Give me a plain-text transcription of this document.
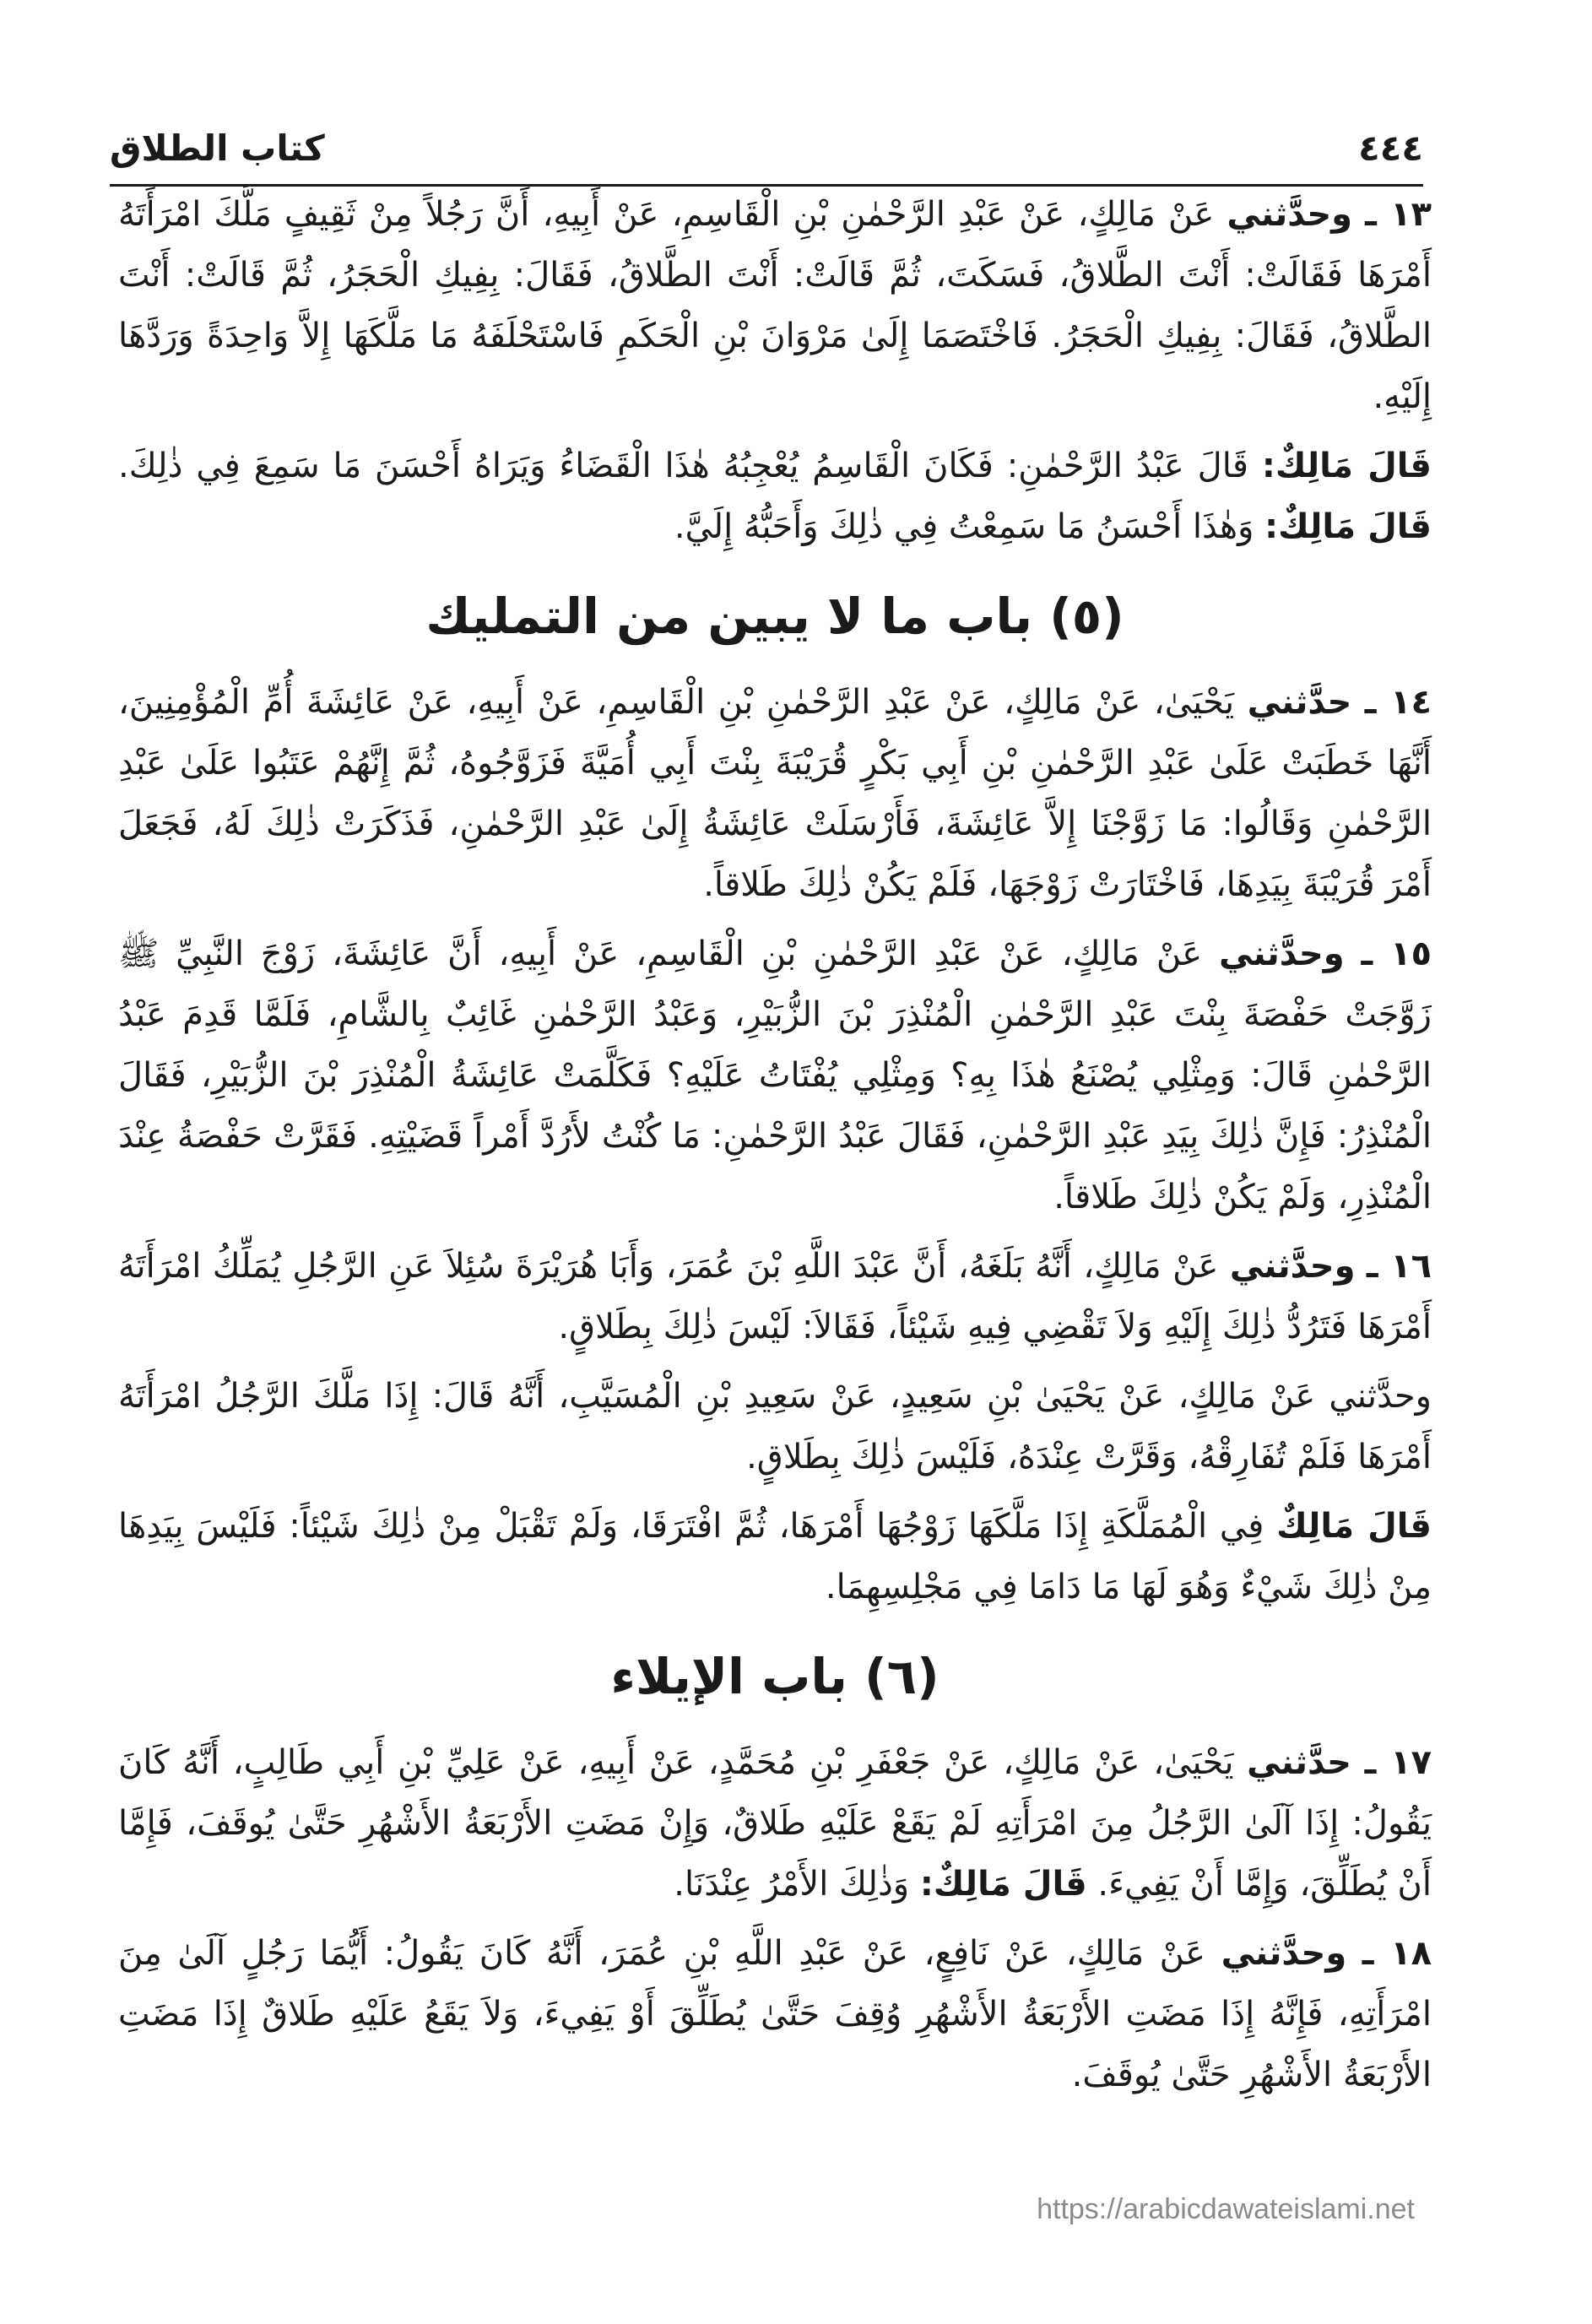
كتاب الطلاق	٤٤٤

١٣ ـ وحدَّثني عَنْ مَالِكٍ، عَنْ عَبْدِ الرَّحْمٰنِ بْنِ الْقَاسِمِ، عَنْ أَبِيهِ، أَنَّ رَجُلاً مِنْ ثَقِيفٍ مَلَّكَ امْرَأَتَهُ أَمْرَهَا فَقَالَتْ: أَنْتَ الطَّلاقُ، فَسَكَتَ، ثُمَّ قَالَتْ: أَنْتَ الطَّلاقُ، فَقَالَ: بِفِيكِ الْحَجَرُ، ثُمَّ قَالَتْ: أَنْتَ الطَّلاقُ، فَقَالَ: بِفِيكِ الْحَجَرُ. فَاخْتَصَمَا إِلَىٰ مَرْوَانَ بْنِ الْحَكَمِ فَاسْتَحْلَفَهُ مَا مَلَّكَهَا إِلاَّ وَاحِدَةً وَرَدَّهَا إِلَيْهِ.

قَالَ مَالِكٌ: قَالَ عَبْدُ الرَّحْمٰنِ: فَكَانَ الْقَاسِمُ يُعْجِبُهُ هٰذَا الْقَضَاءُ وَيَرَاهُ أَحْسَنَ مَا سَمِعَ فِي ذٰلِكَ. قَالَ مَالِكٌ: وَهٰذَا أَحْسَنُ مَا سَمِعْتُ فِي ذٰلِكَ وَأَحَبُّهُ إِلَيَّ.

(٥) باب ما لا يبين من التمليك

١٤ ـ حدَّثني يَحْيَىٰ، عَنْ مَالِكٍ، عَنْ عَبْدِ الرَّحْمٰنِ بْنِ الْقَاسِمِ، عَنْ أَبِيهِ، عَنْ عَائِشَةَ أُمِّ الْمُؤْمِنِينَ، أَنَّهَا خَطَبَتْ عَلَىٰ عَبْدِ الرَّحْمٰنِ بْنِ أَبِي بَكْرٍ قُرَيْبَةَ بِنْتَ أَبِي أُمَيَّةَ فَزَوَّجُوهُ، ثُمَّ إِنَّهُمْ عَتَبُوا عَلَىٰ عَبْدِ الرَّحْمٰنِ وَقَالُوا: مَا زَوَّجْنَا إِلاَّ عَائِشَةَ، فَأَرْسَلَتْ عَائِشَةُ إِلَىٰ عَبْدِ الرَّحْمٰنِ، فَذَكَرَتْ ذٰلِكَ لَهُ، فَجَعَلَ أَمْرَ قُرَيْبَةَ بِيَدِهَا، فَاخْتَارَتْ زَوْجَهَا، فَلَمْ يَكُنْ ذٰلِكَ طَلاقاً.

١٥ ـ وحدَّثني عَنْ مَالِكٍ، عَنْ عَبْدِ الرَّحْمٰنِ بْنِ الْقَاسِمِ، عَنْ أَبِيهِ، أَنَّ عَائِشَةَ، زَوْجَ النَّبِيِّ ﷺ زَوَّجَتْ حَفْصَةَ بِنْتَ عَبْدِ الرَّحْمٰنِ الْمُنْذِرَ بْنَ الزُّبَيْرِ، وَعَبْدُ الرَّحْمٰنِ غَائِبٌ بِالشَّامِ، فَلَمَّا قَدِمَ عَبْدُ الرَّحْمٰنِ قَالَ: وَمِثْلِي يُصْنَعُ هٰذَا بِهِ؟ وَمِثْلِي يُفْتَاتُ عَلَيْهِ؟ فَكَلَّمَتْ عَائِشَةُ الْمُنْذِرَ بْنَ الزُّبَيْرِ، فَقَالَ الْمُنْذِرُ: فَإِنَّ ذٰلِكَ بِيَدِ عَبْدِ الرَّحْمٰنِ، فَقَالَ عَبْدُ الرَّحْمٰنِ: مَا كُنْتُ لأَرُدَّ أَمْراً قَضَيْتِهِ. فَقَرَّتْ حَفْصَةُ عِنْدَ الْمُنْذِرِ، وَلَمْ يَكُنْ ذٰلِكَ طَلاقاً.

١٦ ـ وحدَّثني عَنْ مَالِكٍ، أَنَّهُ بَلَغَهُ، أَنَّ عَبْدَ اللَّهِ بْنَ عُمَرَ، وَأَبَا هُرَيْرَةَ سُئِلاَ عَنِ الرَّجُلِ يُمَلِّكُ امْرَأَتَهُ أَمْرَهَا فَتَرُدُّ ذٰلِكَ إِلَيْهِ وَلاَ تَقْضِي فِيهِ شَيْئاً، فَقَالاَ: لَيْسَ ذٰلِكَ بِطَلاقٍ.

وحدَّثني عَنْ مَالِكٍ، عَنْ يَحْيَىٰ بْنِ سَعِيدٍ، عَنْ سَعِيدِ بْنِ الْمُسَيَّبِ، أَنَّهُ قَالَ: إِذَا مَلَّكَ الرَّجُلُ امْرَأَتَهُ أَمْرَهَا فَلَمْ تُفَارِقْهُ، وَقَرَّتْ عِنْدَهُ، فَلَيْسَ ذٰلِكَ بِطَلاقٍ.

قَالَ مَالِكٌ فِي الْمُمَلَّكَةِ إِذَا مَلَّكَهَا زَوْجُهَا أَمْرَهَا، ثُمَّ افْتَرَقَا، وَلَمْ تَقْبَلْ مِنْ ذٰلِكَ شَيْئاً: فَلَيْسَ بِيَدِهَا مِنْ ذٰلِكَ شَيْءٌ وَهُوَ لَهَا مَا دَامَا فِي مَجْلِسِهِمَا.

(٦) باب الإيلاء

١٧ ـ حدَّثني يَحْيَىٰ، عَنْ مَالِكٍ، عَنْ جَعْفَرِ بْنِ مُحَمَّدٍ، عَنْ أَبِيهِ، عَنْ عَلِيِّ بْنِ أَبِي طَالِبٍ، أَنَّهُ كَانَ يَقُولُ: إِذَا آلَىٰ الرَّجُلُ مِنَ امْرَأَتِهِ لَمْ يَقَعْ عَلَيْهِ طَلاقٌ، وَإِنْ مَضَتِ الأَرْبَعَةُ الأَشْهُرِ حَتَّىٰ يُوقَفَ، فَإِمَّا أَنْ يُطَلِّقَ، وَإِمَّا أَنْ يَفِيءَ. قَالَ مَالِكٌ: وَذٰلِكَ الأَمْرُ عِنْدَنَا.

١٨ ـ وحدَّثني عَنْ مَالِكٍ، عَنْ نَافِعٍ، عَنْ عَبْدِ اللَّهِ بْنِ عُمَرَ، أَنَّهُ كَانَ يَقُولُ: أَيُّمَا رَجُلٍ آلَىٰ مِنَ امْرَأَتِهِ، فَإِنَّهُ إِذَا مَضَتِ الأَرْبَعَةُ الأَشْهُرِ وُقِفَ حَتَّىٰ يُطَلِّقَ أَوْ يَفِيءَ، وَلاَ يَقَعُ عَلَيْهِ طَلاقٌ إِذَا مَضَتِ الأَرْبَعَةُ الأَشْهُرِ حَتَّىٰ يُوقَفَ.

https://arabicdawateislami.net
